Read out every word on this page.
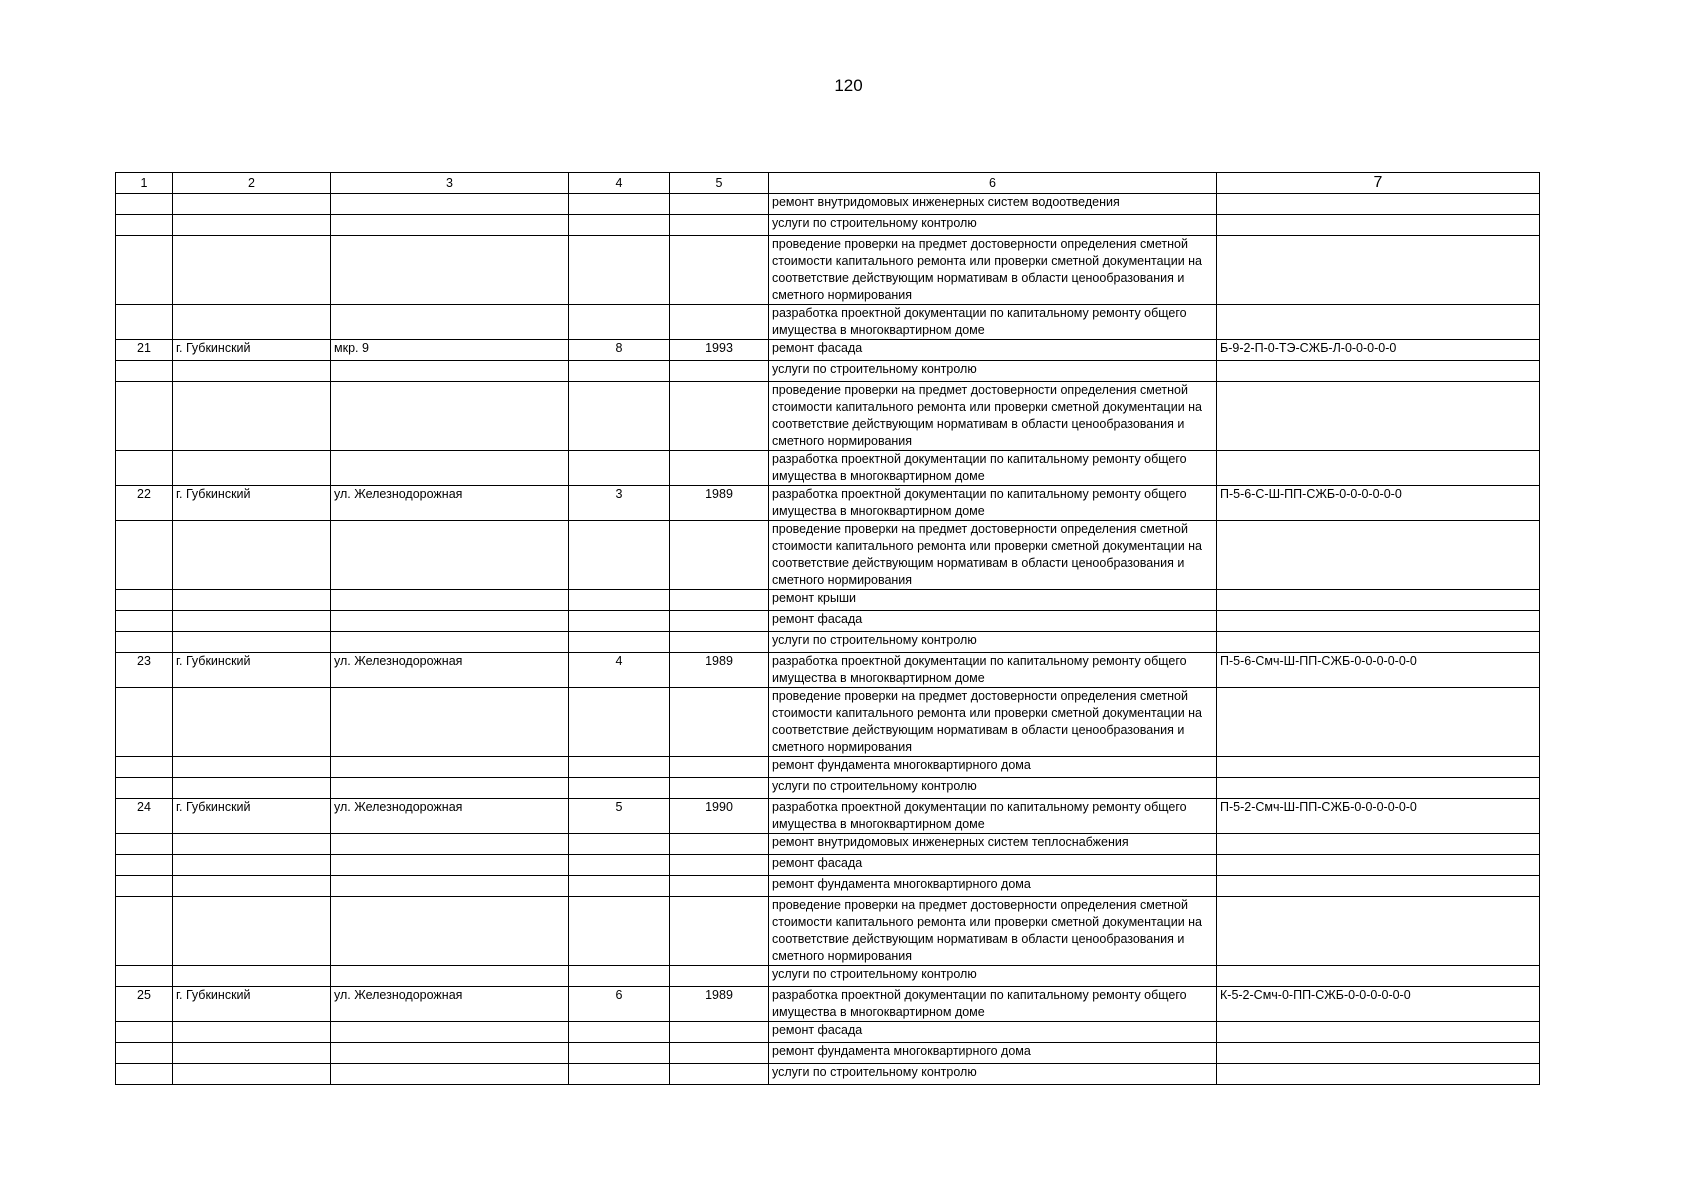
120
1	2	3	4	5	6	7
					ремонт внутридомовых инженерных систем водоотведения	
					услуги по строительному контролю	
					проведение проверки на предмет достоверности определения сметной стоимости капитального ремонта или проверки сметной документации на соответствие действующим нормативам в области ценообразования и сметного нормирования	
					разработка проектной документации по капитальному ремонту общего имущества в многоквартирном доме	
21	г. Губкинский	мкр. 9	8	1993	ремонт фасада	Б-9-2-П-0-ТЭ-СЖБ-Л-0-0-0-0-0
					услуги по строительному контролю	
					проведение проверки на предмет достоверности определения сметной стоимости капитального ремонта или проверки сметной документации на соответствие действующим нормативам в области ценообразования и сметного нормирования	
					разработка проектной документации по капитальному ремонту общего имущества в многоквартирном доме	
22	г. Губкинский	ул. Железнодорожная	3	1989	разработка проектной документации по капитальному ремонту общего имущества в многоквартирном доме	П-5-6-С-Ш-ПП-СЖБ-0-0-0-0-0-0
					проведение проверки на предмет достоверности определения сметной стоимости капитального ремонта или проверки сметной документации на соответствие действующим нормативам в области ценообразования и сметного нормирования	
					ремонт крыши	
					ремонт фасада	
					услуги по строительному контролю	
23	г. Губкинский	ул. Железнодорожная	4	1989	разработка проектной документации по капитальному ремонту общего имущества в многоквартирном доме	П-5-6-Смч-Ш-ПП-СЖБ-0-0-0-0-0-0
					проведение проверки на предмет достоверности определения сметной стоимости капитального ремонта или проверки сметной документации на соответствие действующим нормативам в области ценообразования и сметного нормирования	
					ремонт фундамента многоквартирного дома	
					услуги по строительному контролю	
24	г. Губкинский	ул. Железнодорожная	5	1990	разработка проектной документации по капитальному ремонту общего имущества в многоквартирном доме	П-5-2-Смч-Ш-ПП-СЖБ-0-0-0-0-0-0
					ремонт внутридомовых инженерных систем теплоснабжения	
					ремонт фасада	
					ремонт фундамента многоквартирного дома	
					проведение проверки на предмет достоверности определения сметной стоимости капитального ремонта или проверки сметной документации на соответствие действующим нормативам в области ценообразования и сметного нормирования	
					услуги по строительному контролю	
25	г. Губкинский	ул. Железнодорожная	6	1989	разработка проектной документации по капитальному ремонту общего имущества в многоквартирном доме	К-5-2-Смч-0-ПП-СЖБ-0-0-0-0-0-0
					ремонт фасада	
					ремонт фундамента многоквартирного дома	
					услуги по строительному контролю	
